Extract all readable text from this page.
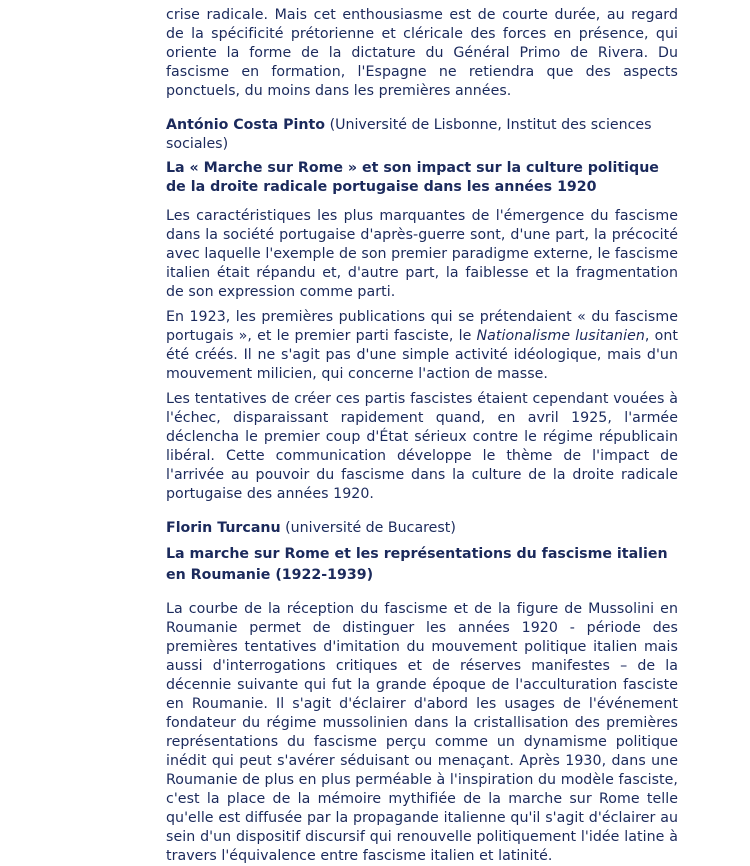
crise radicale. Mais cet enthousiasme est de courte durée, au regard de la spécificité prétorienne et cléricale des forces en présence, qui oriente la forme de la dictature du Général Primo de Rivera. Du fascisme en formation, l'Espagne ne retiendra que des aspects ponctuels, du moins dans les premières années.

António Costa Pinto (Université de Lisbonne, Institut des sciences sociales)
La « Marche sur Rome » et son impact sur la culture politique de la droite radicale portugaise dans les années 1920

Les caractéristiques les plus marquantes de l'émergence du fascisme dans la société portugaise d'après-guerre sont, d'une part, la précocité avec laquelle l'exemple de son premier paradigme externe, le fascisme italien était répandu et, d'autre part, la faiblesse et la fragmentation de son expression comme parti.

En 1923, les premières publications qui se prétendaient « du fascisme portugais », et le premier parti fasciste, le Nationalisme lusitanien, ont été créés. Il ne s'agit pas d'une simple activité idéologique, mais d'un mouvement milicien, qui concerne l'action de masse.

Les tentatives de créer ces partis fascistes étaient cependant vouées à l'échec, disparaissant rapidement quand, en avril 1925, l'armée déclencha le premier coup d'État sérieux contre le régime républicain libéral. Cette communication développe le thème de l'impact de l'arrivée au pouvoir du fascisme dans la culture de la droite radicale portugaise des années 1920.

Florin Turcanu (université de Bucarest)
La marche sur Rome et les représentations du fascisme italien en Roumanie (1922-1939)

La courbe de la réception du fascisme et de la figure de Mussolini en Roumanie permet de distinguer les années 1920 - période des premières tentatives d'imitation du mouvement politique italien mais aussi d'interrogations critiques et de réserves manifestes – de la décennie suivante qui fut la grande époque de l'acculturation fasciste en Roumanie. Il s'agit d'éclairer d'abord les usages de l'événement fondateur du régime mussolinien dans la cristallisation des premières représentations du fascisme perçu comme un dynamisme politique inédit qui peut s'avérer séduisant ou menaçant. Après 1930, dans une Roumanie de plus en plus perméable à l'inspiration du modèle fasciste, c'est la place de la mémoire mythifiée de la marche sur Rome telle qu'elle est diffusée par la propagande italienne qu'il s'agit d'éclairer au sein d'un dispositif discursif qui renouvelle politiquement l'idée latine à travers l'équivalence entre fascisme italien et latinité.
